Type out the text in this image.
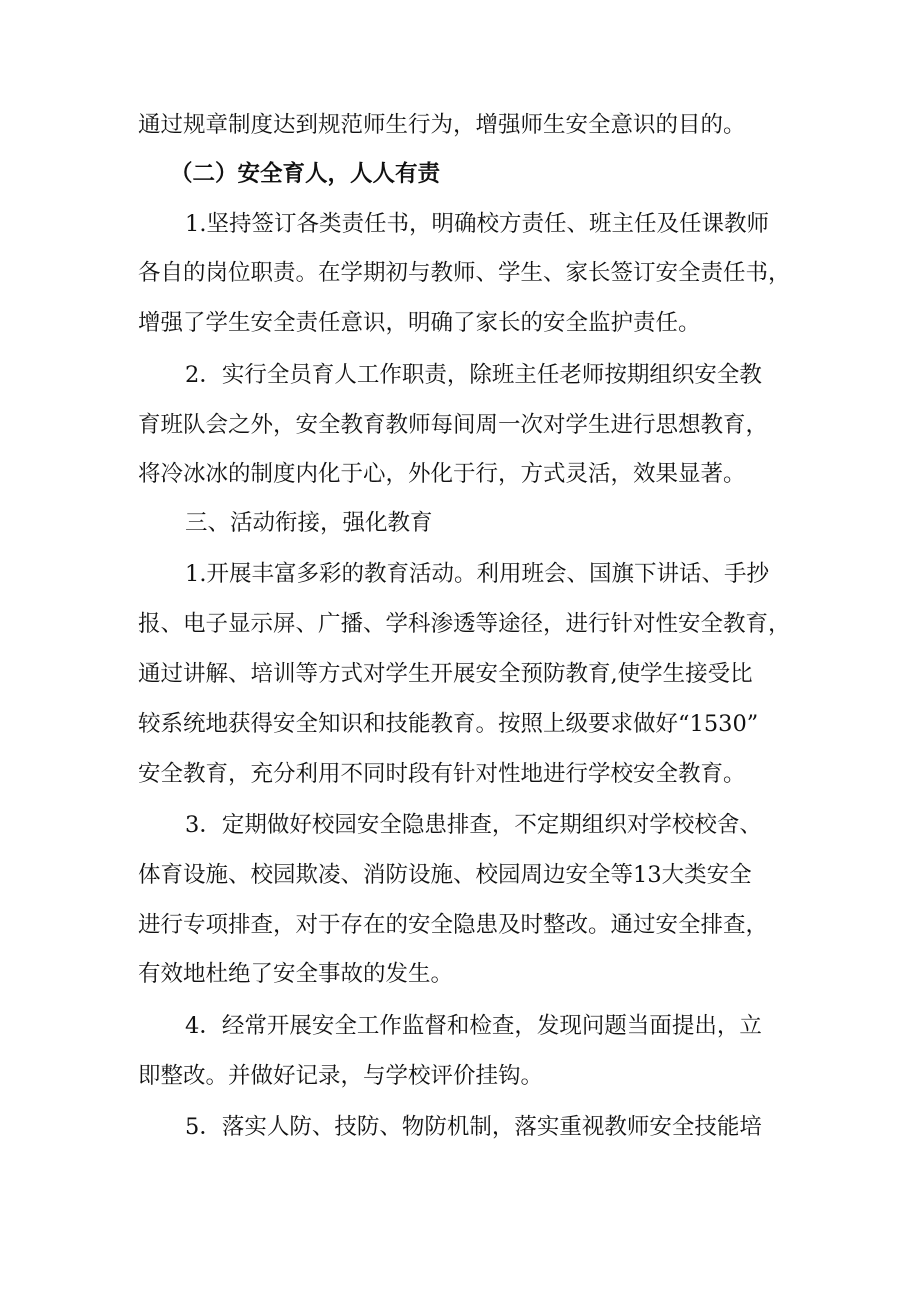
通过规章制度达到规范师生行为，增强师生安全意识的目的。
（二）安全育人，人人有责
1.坚持签订各类责任书，明确校方责任、班主任及任课教师
各自的岗位职责。在学期初与教师、学生、家长签订安全责任书，
增强了学生安全责任意识，明确了家长的安全监护责任。
2．实行全员育人工作职责，除班主任老师按期组织安全教
育班队会之外，安全教育教师每间周一次对学生进行思想教育，
将冷冰冰的制度内化于心，外化于行，方式灵活，效果显著。
三、活动衔接，强化教育
1.开展丰富多彩的教育活动。利用班会、国旗下讲话、手抄
报、电子显示屏、广播、学科渗透等途径，进行针对性安全教育，
通过讲解、培训等方式对学生开展安全预防教育,使学生接受比
较系统地获得安全知识和技能教育。按照上级要求做好“1530”
安全教育，充分利用不同时段有针对性地进行学校安全教育。
3．定期做好校园安全隐患排查，不定期组织对学校校舍、
体育设施、校园欺凌、消防设施、校园周边安全等13大类安全
进行专项排查，对于存在的安全隐患及时整改。通过安全排查，
有效地杜绝了安全事故的发生。
4．经常开展安全工作监督和检查，发现问题当面提出，立
即整改。并做好记录，与学校评价挂钩。
5．落实人防、技防、物防机制，落实重视教师安全技能培
